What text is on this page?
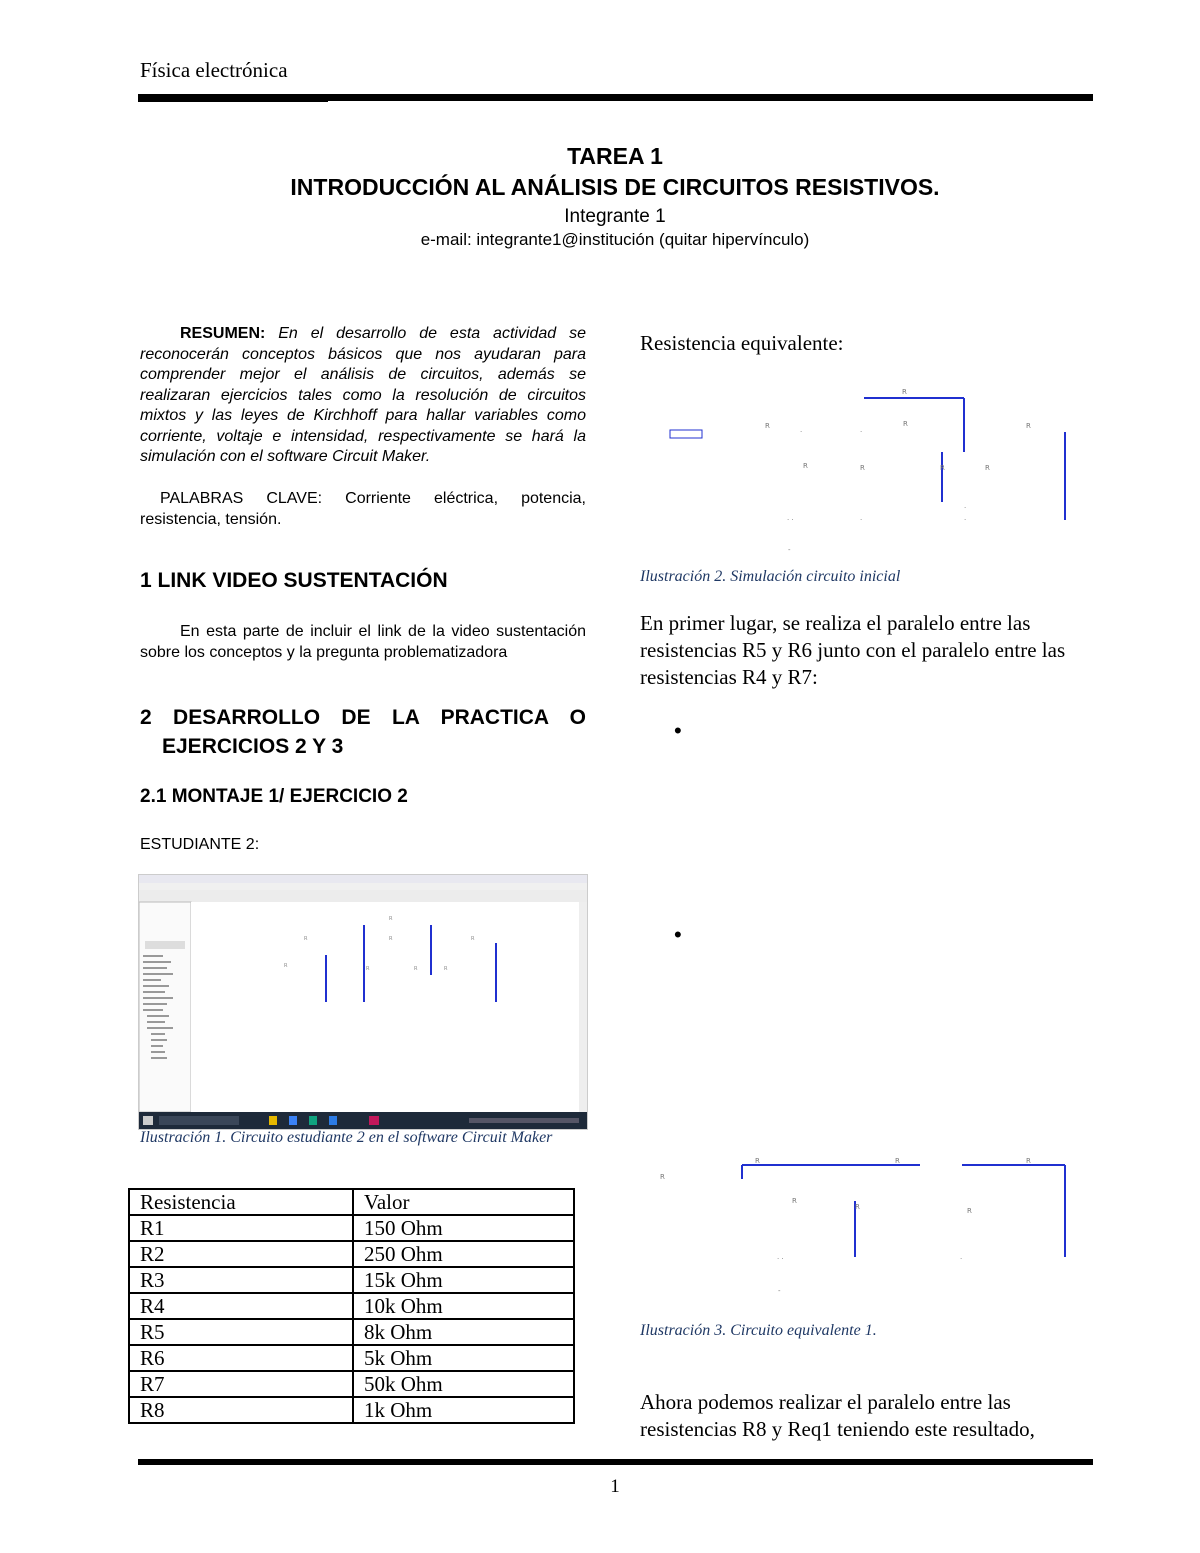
Física electrónica
TAREA 1
INTRODUCCIÓN AL ANÁLISIS DE CIRCUITOS RESISTIVOS.
Integrante 1
e-mail: integrante1@institución (quitar hipervínculo)
RESUMEN: En el desarrollo de esta actividad se reconocerán conceptos básicos que nos ayudaran para comprender mejor el análisis de circuitos, además se realizaran ejercicios tales como la resolución de circuitos mixtos y las leyes de Kirchhoff para hallar variables como corriente, voltaje e intensidad, respectivamente se hará la simulación con el software Circuit Maker.
PALABRAS CLAVE: Corriente eléctrica, potencia, resistencia, tensión.
1 LINK VIDEO SUSTENTACIÓN
En esta parte de incluir el link de la video sustentación sobre los conceptos y la pregunta problematizadora
2 DESARROLLO DE LA PRACTICA O
EJERCICIOS 2 Y 3
2.1 MONTAJE 1/ EJERCICIO 2
ESTUDIANTE 2:
R
R
R	R
R	R	R	R
Ilustración 1. Circuito estudiante 2 en el software Circuit Maker
Resistencia	Valor
R1	150 Ohm
R2	250 Ohm
R3	15k Ohm
R4	10k Ohm
R5	8k Ohm
R6	5k Ohm
R7	50k Ohm
R8	1k Ohm
Resistencia equivalente:
R
R	R	R
R	R	R	R
.	.
. .	.
.
.
-
Ilustración 2. Simulación circuito inicial
En primer lugar, se realiza el paralelo entre las resistencias R5 y R6 junto con el paralelo entre las resistencias R4 y R7:
•
•
R
R	R	R
R
R	R
. .	.
-
Ilustración 3. Circuito equivalente 1.
Ahora podemos realizar el paralelo entre las resistencias R8 y Req1 teniendo este resultado,
1
